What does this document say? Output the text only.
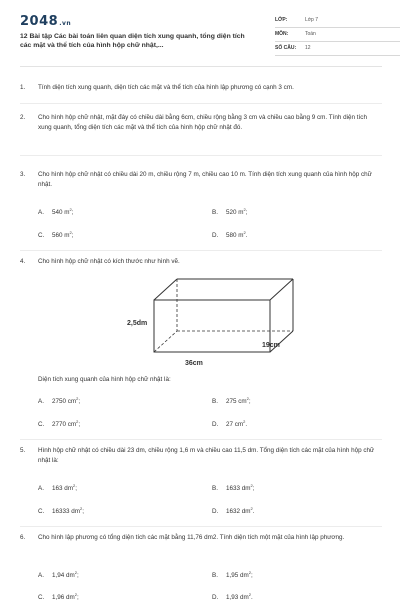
2048.vn
12 Bài tập Các bài toán liên quan diện tích xung quanh, tổng diện tích các mặt và thể tích của hình hộp chữ nhật,...
LỚP:	Lớp 7
MÔN:	Toán
SỐ CÂU: 12
1. Tính diện tích xung quanh, diện tích các mặt và thể tích của hình lập phương có cạnh 3 cm.
2. Cho hình hộp chữ nhật, mặt đáy có chiều dài bằng 6cm, chiều rộng bằng 3 cm và chiều cao bằng 9 cm. Tính diện tích xung quanh, tổng diện tích các mặt và thể tích của hình hộp chữ nhật đó.
3. Cho hình hộp chữ nhật có chiều dài 20 m, chiều rộng 7 m, chiều cao 10 m. Tính diện tích xung quanh của hình hộp chữ nhật.
A. 540 $m^2$;	B. 520 $m^2$;
C. 560 $m^2$;	D. 580 $m^2$.
4. Cho hình hộp chữ nhật có kích thước như hình vẽ.
2,5dm
19cm
36cm
Diện tích xung quanh của hình hộp chữ nhật là:
A. 2750 $cm^2$;	B. 275 $cm^2$;
C. 2770 $cm^2$;	D. 27 $cm^2$.
5. Hình hộp chữ nhật có chiều dài 23 dm, chiều rộng 1,6 m và chiều cao 11,5 dm. Tổng diện tích các mặt của hình hộp chữ nhật là:
A. 163 $dm^2$;	B. 1633 $dm^2$;
C. 16333 $dm^2$;	D. 1632 $dm^2$.
6. Cho hình lập phương có tổng diện tích các mặt bằng 11,76 dm2. Tính diện tích một mặt của hình lập phương.
A. 1,94 $dm^2$;	B. 1,95 $dm^2$;
C. 1,96 $dm^2$;	D. 1,93 $dm^2$.
